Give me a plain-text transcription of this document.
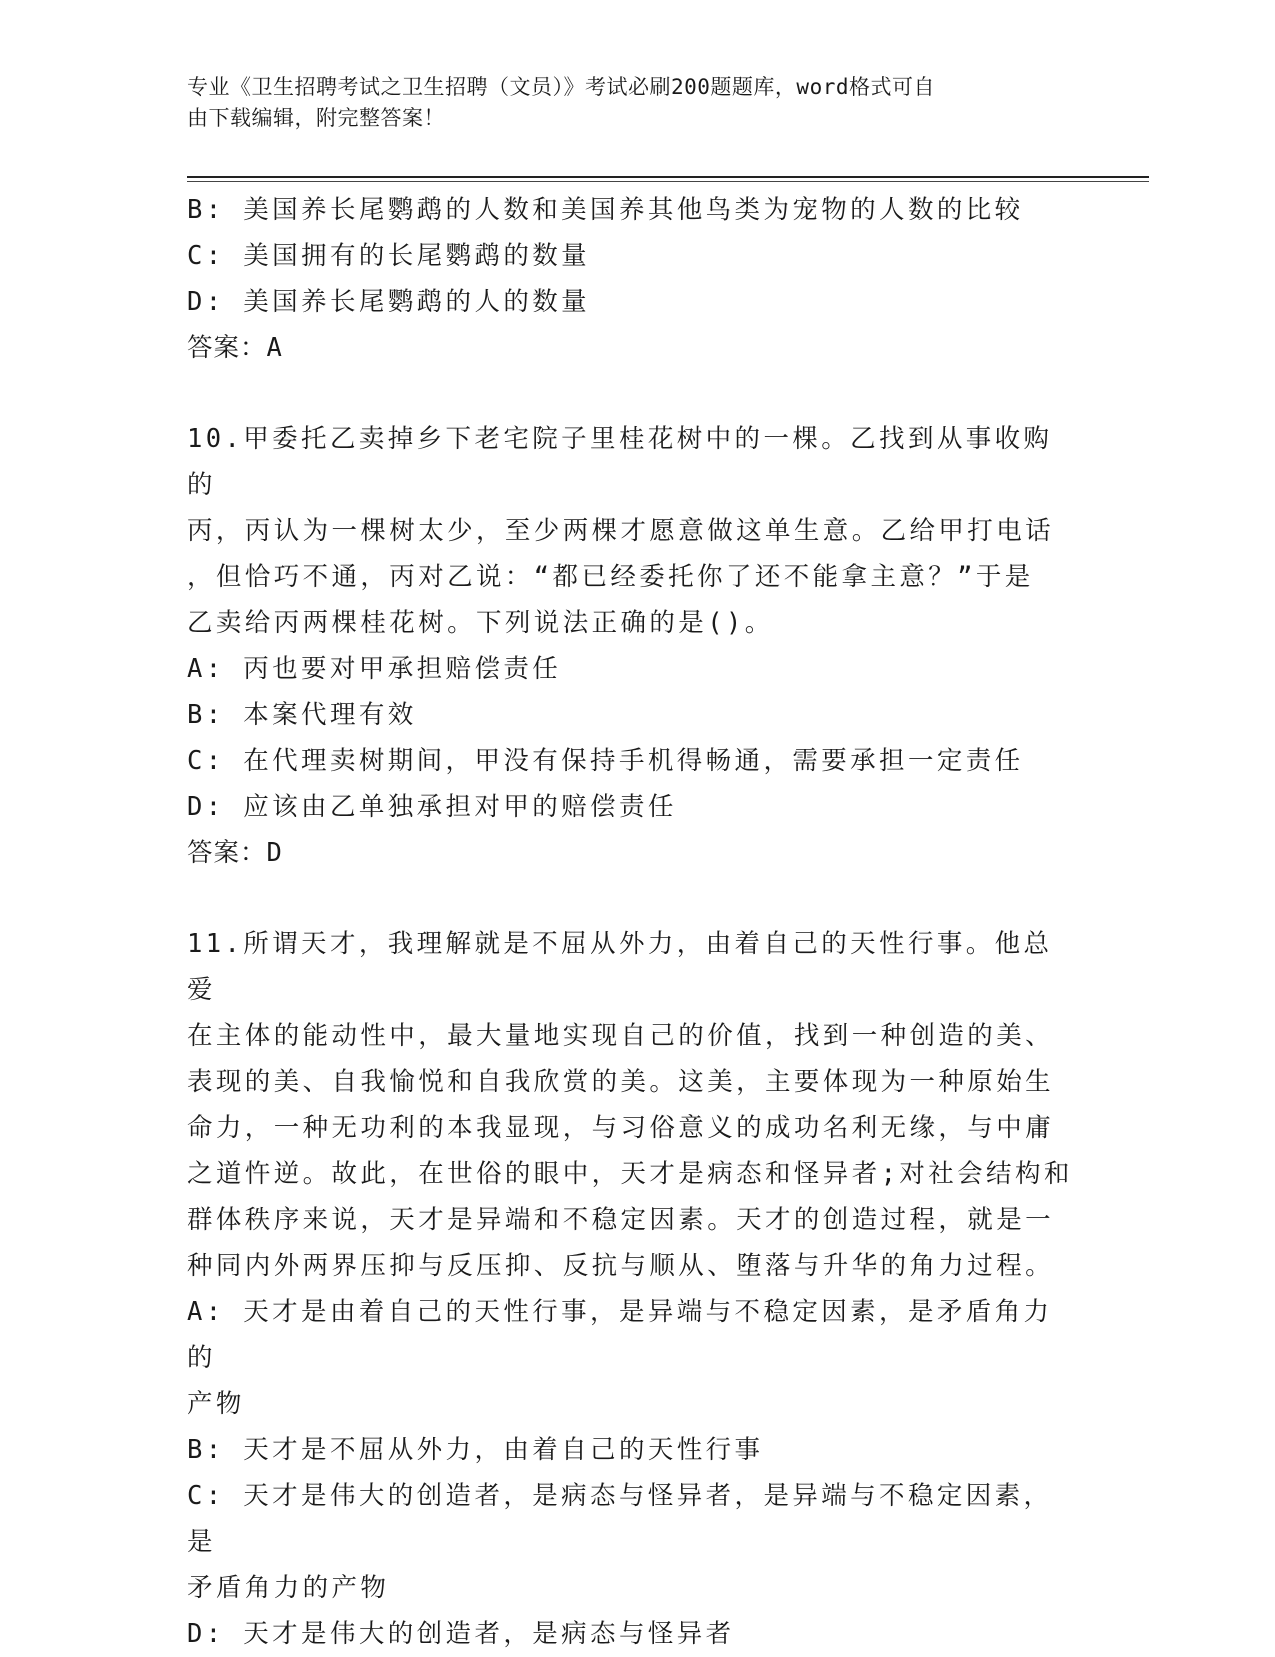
专业《卫生招聘考试之卫生招聘（文员）》考试必刷200题题库，word格式可自
由下载编辑，附完整答案！
B: 美国养长尾鹦鹉的人数和美国养其他鸟类为宠物的人数的比较
C: 美国拥有的长尾鹦鹉的数量
D: 美国养长尾鹦鹉的人的数量
答案：A
10.甲委托乙卖掉乡下老宅院子里桂花树中的一棵。乙找到从事收购的
丙，丙认为一棵树太少，至少两棵才愿意做这单生意。乙给甲打电话
，但恰巧不通，丙对乙说：“都已经委托你了还不能拿主意？”于是
乙卖给丙两棵桂花树。下列说法正确的是()。
A: 丙也要对甲承担赔偿责任
B: 本案代理有效
C: 在代理卖树期间，甲没有保持手机得畅通，需要承担一定责任
D: 应该由乙单独承担对甲的赔偿责任
答案：D
11.所谓天才，我理解就是不屈从外力，由着自己的天性行事。他总爱
在主体的能动性中，最大量地实现自己的价值，找到一种创造的美、
表现的美、自我愉悦和自我欣赏的美。这美，主要体现为一种原始生
命力，一种无功利的本我显现，与习俗意义的成功名利无缘，与中庸
之道忤逆。故此，在世俗的眼中，天才是病态和怪异者;对社会结构和
群体秩序来说，天才是异端和不稳定因素。天才的创造过程，就是一
种同内外两界压抑与反压抑、反抗与顺从、堕落与升华的角力过程。
A: 天才是由着自己的天性行事，是异端与不稳定因素，是矛盾角力的
产物
B: 天才是不屈从外力，由着自己的天性行事
C: 天才是伟大的创造者，是病态与怪异者，是异端与不稳定因素，是
矛盾角力的产物
D: 天才是伟大的创造者，是病态与怪异者
